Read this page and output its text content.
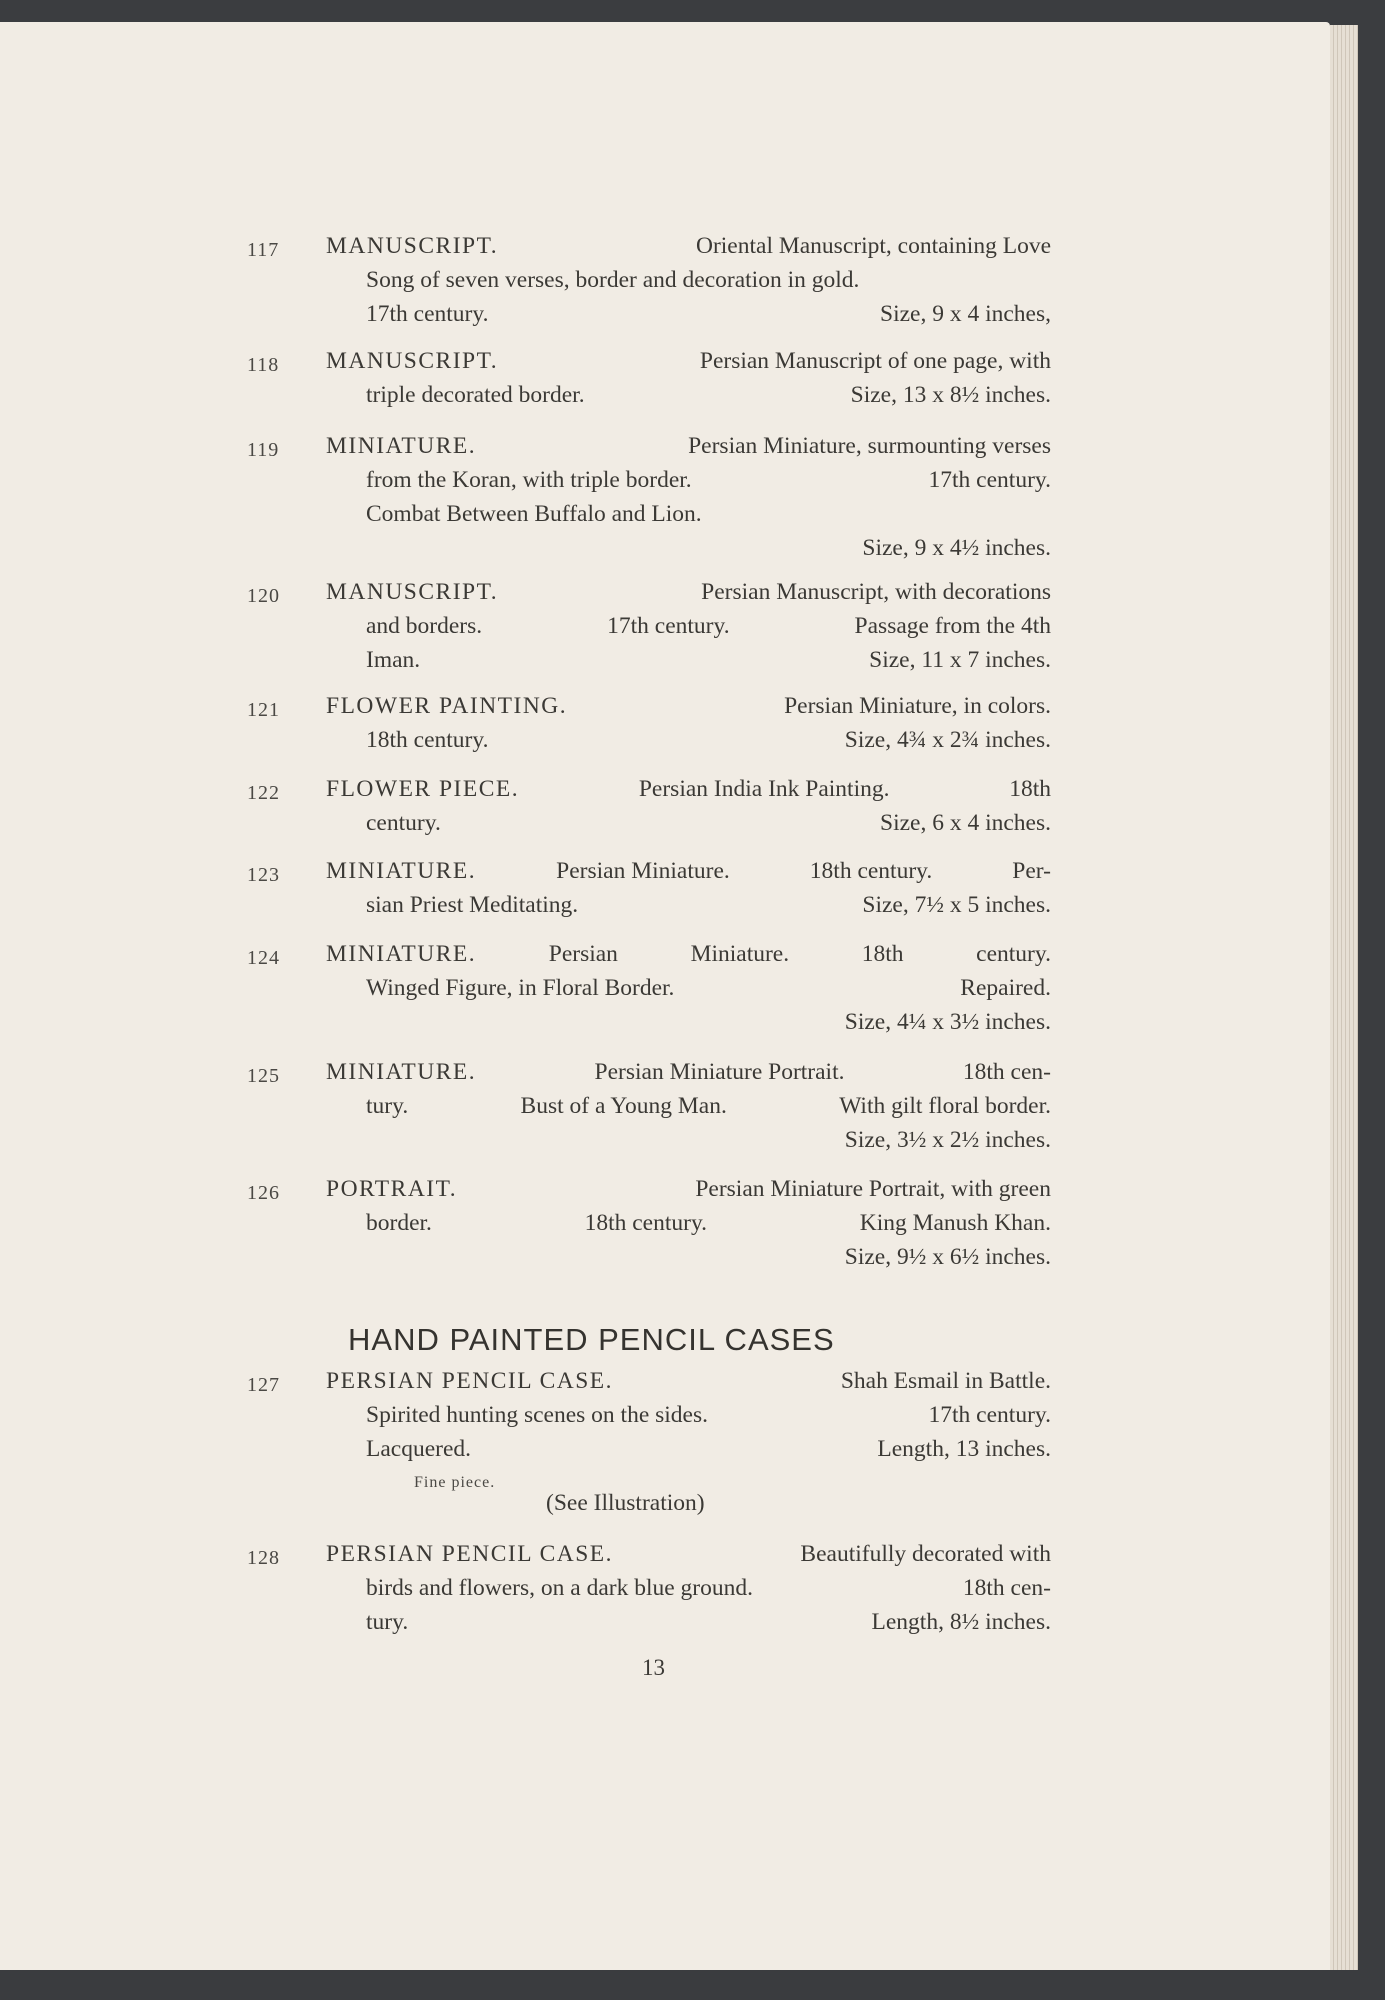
117	MANUSCRIPT.	Oriental Manuscript, containing Love
Song of seven verses, border and decoration in gold.
17th century.	Size, 9 x 4 inches,
118	MANUSCRIPT.	Persian Manuscript of one page, with
triple decorated border.	Size, 13 x 8½ inches.
119	MINIATURE.	Persian Miniature, surmounting verses
from the Koran, with triple border.	17th century.
Combat Between Buffalo and Lion.
Size, 9 x 4½ inches.
120	MANUSCRIPT.	Persian Manuscript, with decorations
and borders.	17th century.	Passage from the 4th
Iman.	Size, 11 x 7 inches.
121	FLOWER PAINTING.	Persian Miniature, in colors.
18th century.	Size, 4¾ x 2¾ inches.
122	FLOWER PIECE.	Persian India Ink Painting.	18th
century.	Size, 6 x 4 inches.
123	MINIATURE.	Persian Miniature.	18th century.	Per-
sian Priest Meditating.	Size, 7½ x 5 inches.
124	MINIATURE.	Persian	Miniature.	18th	century.
Winged Figure, in Floral Border.	Repaired.
Size, 4¼ x 3½ inches.
125	MINIATURE.	Persian Miniature Portrait.	18th cen-
tury.	Bust of a Young Man.	With gilt floral border.
Size, 3½ x 2½ inches.
126	PORTRAIT.	Persian Miniature Portrait, with green
border.	18th century.	King Manush Khan.
Size, 9½ x 6½ inches.
127	PERSIAN PENCIL CASE.	Shah Esmail in Battle.
Spirited hunting scenes on the sides.	17th century.
Lacquered.	Length, 13 inches.
128	PERSIAN PENCIL CASE.	Beautifully decorated with
birds and flowers, on a dark blue ground.	18th cen-
tury.	Length, 8½ inches.
HAND PAINTED PENCIL CASES
Fine piece.
(See Illustration)
13
